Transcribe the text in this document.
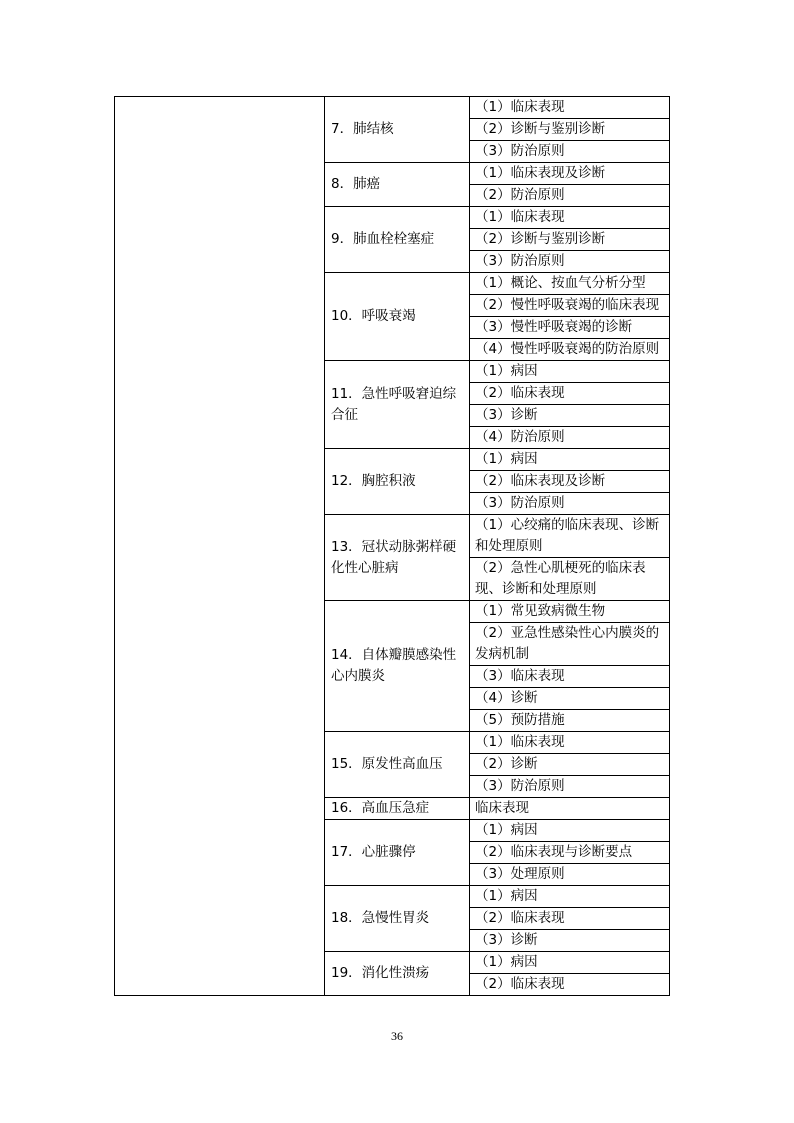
	7．肺结核	（1）临床表现
		（2）诊断与鉴别诊断
		（3）防治原则
	8．肺癌	（1）临床表现及诊断
		（2）防治原则
	9．肺血栓栓塞症	（1）临床表现
		（2）诊断与鉴别诊断
		（3）防治原则
	10．呼吸衰竭	（1）概论、按血气分析分型
		（2）慢性呼吸衰竭的临床表现
		（3）慢性呼吸衰竭的诊断
		（4）慢性呼吸衰竭的防治原则
	11．急性呼吸窘迫综合征	（1）病因
		（2）临床表现
		（3）诊断
		（4）防治原则
	12．胸腔积液	（1）病因
		（2）临床表现及诊断
		（3）防治原则
	13．冠状动脉粥样硬化性心脏病	（1）心绞痛的临床表现、诊断和处理原则
		（2）急性心肌梗死的临床表现、诊断和处理原则
	14．自体瓣膜感染性心内膜炎	（1）常见致病微生物
		（2）亚急性感染性心内膜炎的发病机制
		（3）临床表现
		（4）诊断
		（5）预防措施
	15．原发性高血压	（1）临床表现
		（2）诊断
		（3）防治原则
	16．高血压急症	临床表现
	17．心脏骤停	（1）病因
		（2）临床表现与诊断要点
		（3）处理原则
	18．急慢性胃炎	（1）病因
		（2）临床表现
		（3）诊断
	19．消化性溃疡	（1）病因
		（2）临床表现
36
